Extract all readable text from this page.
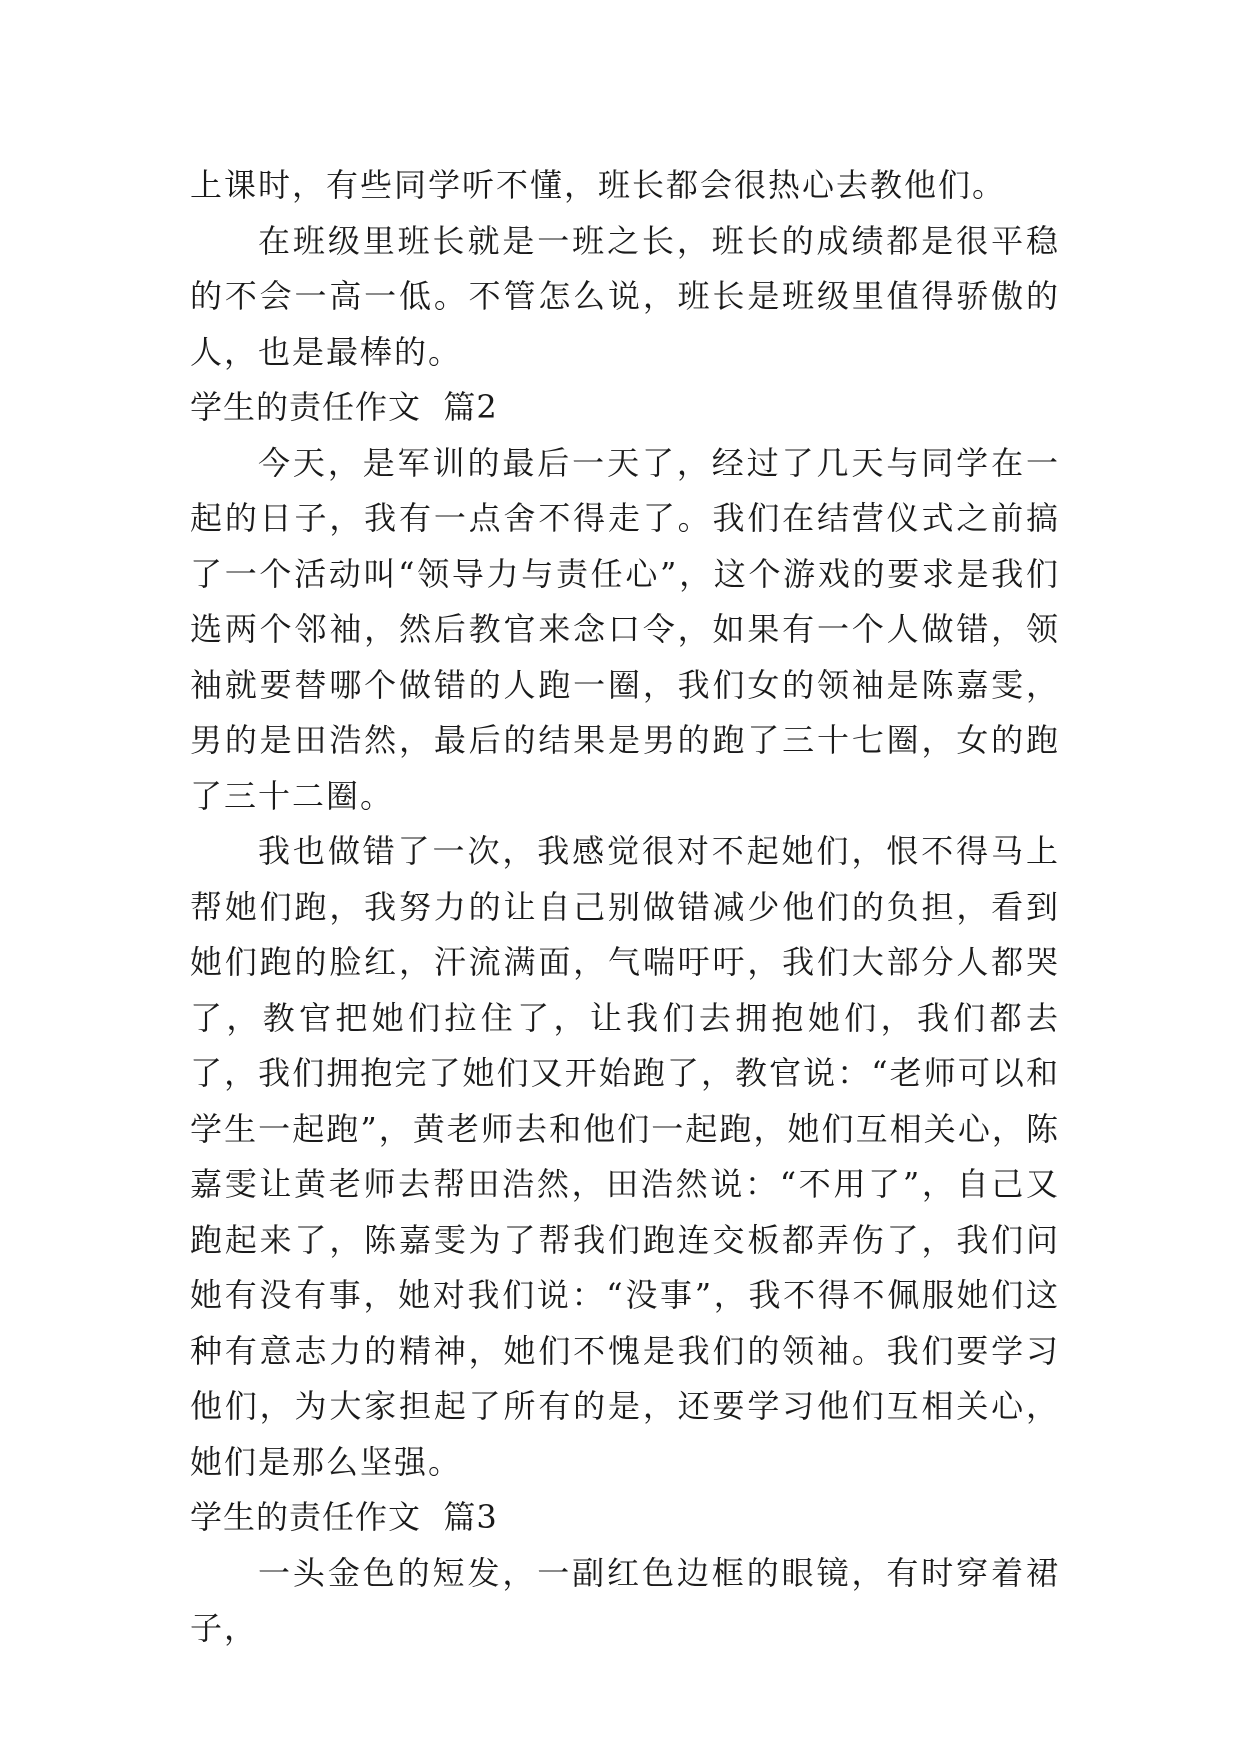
上课时，有些同学听不懂，班长都会很热心去教他们。

在班级里班长就是一班之长，班长的成绩都是很平稳的不会一高一低。不管怎么说，班长是班级里值得骄傲的人，也是最棒的。

学生的责任作文  篇2

今天，是军训的最后一天了，经过了几天与同学在一起的日子，我有一点舍不得走了。我们在结营仪式之前搞了一个活动叫“领导力与责任心”，这个游戏的要求是我们选两个邻袖，然后教官来念口令，如果有一个人做错，领袖就要替哪个做错的人跑一圈，我们女的领袖是陈嘉雯，男的是田浩然，最后的结果是男的跑了三十七圈，女的跑了三十二圈。

我也做错了一次，我感觉很对不起她们，恨不得马上帮她们跑，我努力的让自己别做错减少他们的负担，看到她们跑的脸红，汗流满面，气喘吁吁，我们大部分人都哭了，教官把她们拉住了，让我们去拥抱她们，我们都去了，我们拥抱完了她们又开始跑了，教官说：“老师可以和学生一起跑”，黄老师去和他们一起跑，她们互相关心，陈嘉雯让黄老师去帮田浩然，田浩然说：“不用了”，自己又跑起来了，陈嘉雯为了帮我们跑连交板都弄伤了，我们问她有没有事，她对我们说：“没事”，我不得不佩服她们这种有意志力的精神，她们不愧是我们的领袖。我们要学习他们，为大家担起了所有的是，还要学习他们互相关心，她们是那么坚强。

学生的责任作文  篇3

一头金色的短发，一副红色边框的眼镜，有时穿着裙子，
